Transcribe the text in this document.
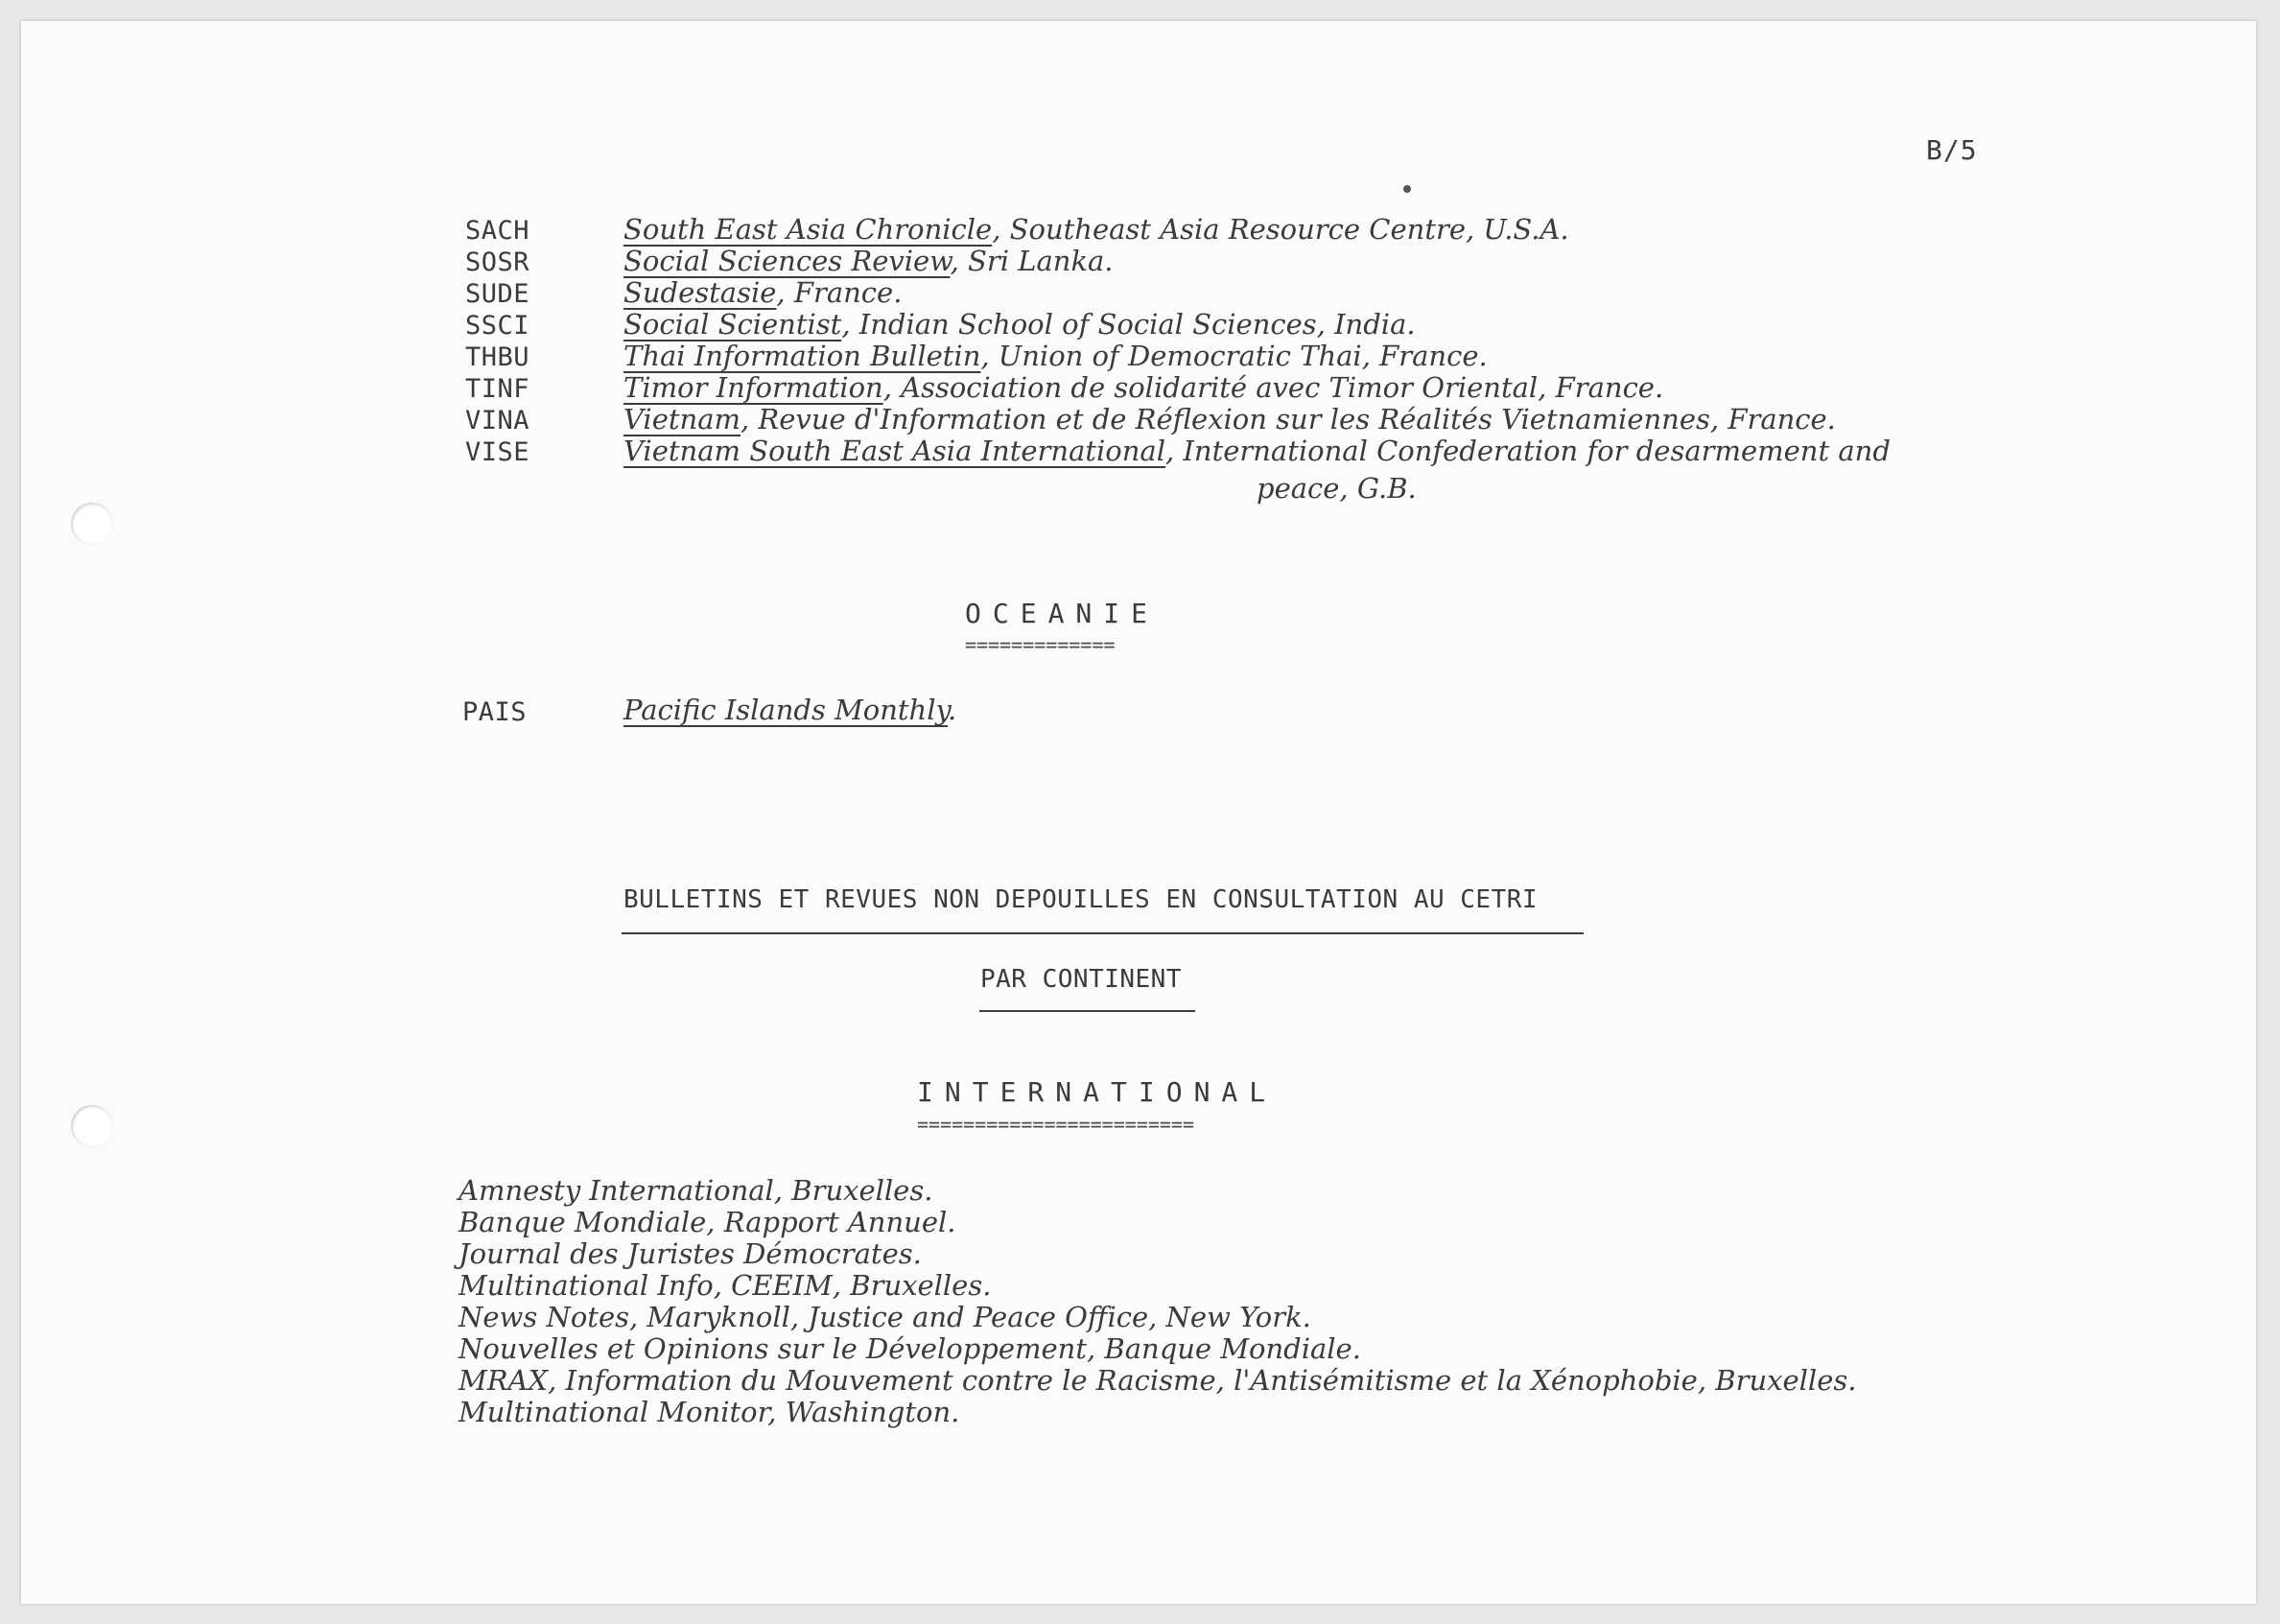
B/5
SACH	South East Asia Chronicle, Southeast Asia Resource Centre, U.S.A.
SOSR	Social Sciences Review, Sri Lanka.
SUDE	Sudestasie, France.
SSCI	Social Scientist, Indian School of Social Sciences, India.
THBU	Thai Information Bulletin, Union of Democratic Thai, France.
TINF	Timor Information, Association de solidarité avec Timor Oriental, France.
VINA	Vietnam, Revue d'Information et de Réflexion sur les Réalités Vietnamiennes, France.
VISE	Vietnam South East Asia International, International Confederation for desarmement and
peace, G.B.
OCEANIE
=============
PAIS	Pacific Islands Monthly.
BULLETINS ET REVUES NON DEPOUILLES EN CONSULTATION AU CETRI
PAR CONTINENT
INTERNATIONAL
========================
Amnesty International, Bruxelles.
Banque Mondiale, Rapport Annuel.
Journal des Juristes Démocrates.
Multinational Info, CEEIM, Bruxelles.
News Notes, Maryknoll, Justice and Peace Office, New York.
Nouvelles et Opinions sur le Développement, Banque Mondiale.
MRAX, Information du Mouvement contre le Racisme, l'Antisémitisme et la Xénophobie, Bruxelles.
Multinational Monitor, Washington.
